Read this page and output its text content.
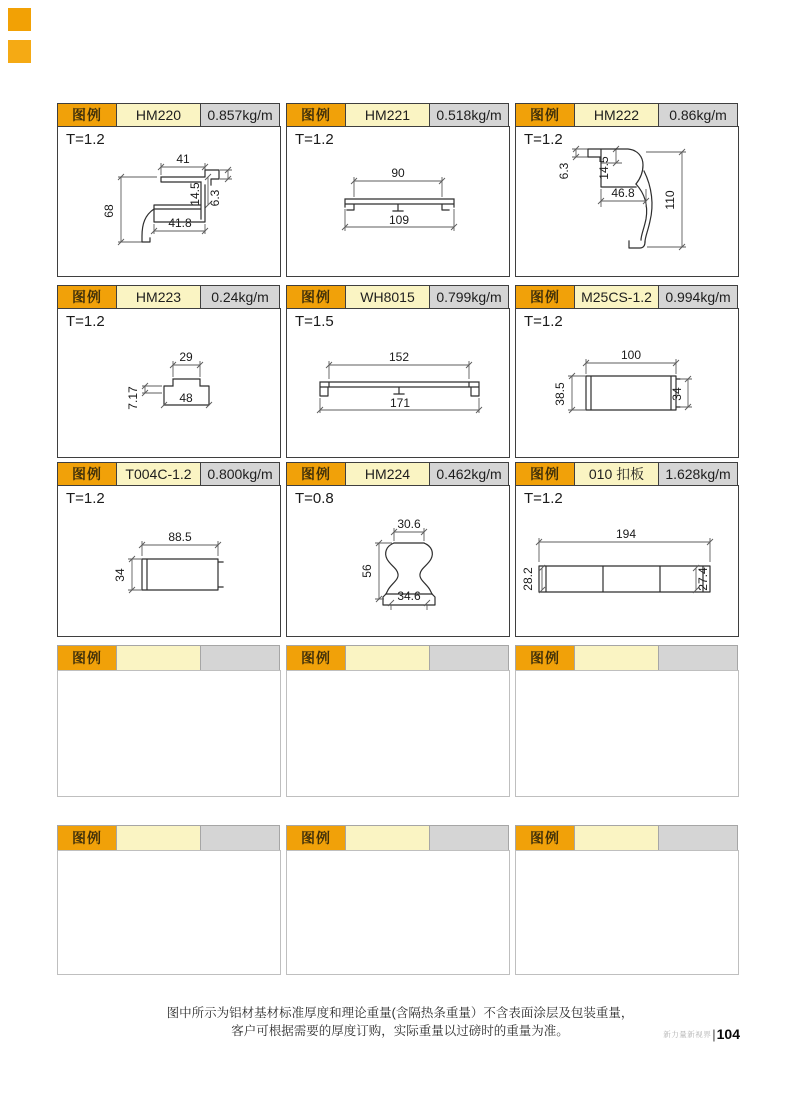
图例	HM220	0.857kg/m
T=1.2
41
68
14.5 6.3
41.8
图例	HM221	0.518kg/m
T=1.2
90
109
图例	HM222	0.86kg/m
T=1.2
6.3 14.5
46.8 110
图例	HM223	0.24kg/m
T=1.2
29
7.17	48
图例	WH8015	0.799kg/m
T=1.5
152
171
图例	M25CS-1.2 0.994kg/m
T=1.2
100
38.5	34
图例	T004C-1.2	0.800kg/m
T=1.2
88.5
34
图例	HM224	0.462kg/m
T=0.8
30.6
56
34.6
图例	010 扣板	1.628kg/m
T=1.2
194
28.2	27.4
图例	图例	图例
图例	图例	图例
图中所示为铝材基材标准厚度和理论重量(含隔热条重量）不含表面涂层及包装重量，
客户可根据需要的厚度订购，实际重量以过磅时的重量为准。	新力量新视界 | 104
